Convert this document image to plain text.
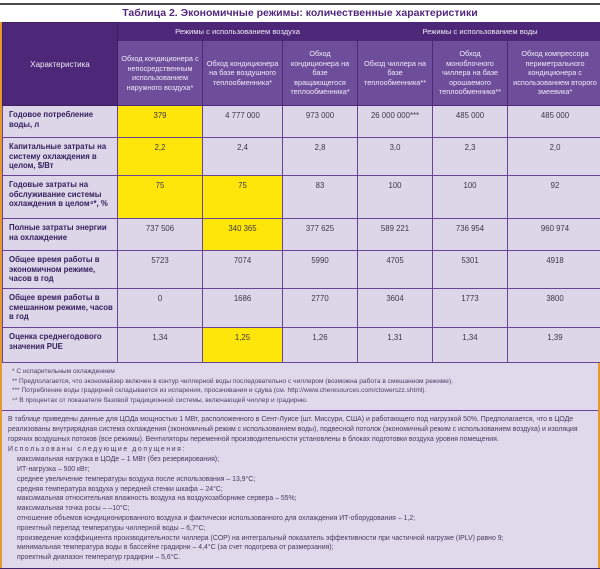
Таблица 2. Экономичные режимы: количественные характеристики
Характеристика	Режимы с использованием воздуха			Режимы с использованием воды		
	Обход кондиционера с непосредственным использованием наружного воздуха*	Обход кондиционера на базе воздушного теплообменника*	Обход кондиционера на базе вращающегося теплообменника*	Обход чиллера на базе теплообменника**	Обход моноблочного чиллера на базе орошаемого теплообменника**	Обход компрессора периметрального кондиционера с использованием второго змеевика*
Годовое потребление воды, л	379	4 777 000	973 000	26 000 000***	485 000	485 000
Капитальные затраты на систему охлаждения в целом, $/Вт	2,2	2,4	2,8	3,0	2,3	2,0
Годовые затраты на обслуживание системы охлаждения в целом⁴*, %	75	75	83	100	100	92
Полные затраты энергии на охлаждение	737 506	340 365	377 625	589 221	736 954	960 974
Общее время работы в экономичном режиме, часов в год	5723	7074	5990	4705	5301	4918
Общее время работы в смешанном режиме, часов в год	0	1686	2770	3604	1773	3800
Оценка среднегодового значения PUE	1,34	1,25	1,26	1,31	1,34	1,39
* С испарительным охлаждением
** Предполагается, что экономайзер включен в контур чиллерной воды последовательно с чиллером (возможна работа в смешанном режиме).
*** Потребление воды градирней складывается из испарения, просачивания и сдува (см. http://www.cheresources.com/ctowerszz.shtml).
⁴* В процентах от показателя базовой традиционной системы, включающей чиллер и градирню.
В таблице приведены данные для ЦОДа мощностью 1 МВт, расположенного в Сент-Луисе (шт. Миссури, США) и работающего под нагрузкой 50%. Предполагается, что в ЦОДе реализованы внутрирядная система охлаждения (экономичный режим с использованием воды), подвесной потолок (экономичный режим с использованием воздуха) и изоляция горячих воздушных потоков (все режимы). Вентиляторы переменной производительности установлены в блоках подготовки воздуха уровня помещения.
Использованы следующие допущения:
максимальная нагрузка в ЦОДе – 1 МВт (без резервирования);
ИТ-нагрузка – 500 кВт;
среднее увеличение температуры воздуха после использования – 13,9°С;
средняя температура воздуха у передней стенки шкафа – 24°С;
максимальная относительная влажность воздуха на воздухозаборнике сервера – 55%;
максимальная точка росы – –10°С;
отношение объемов кондиционированного воздуха и фактически использованного для охлаждения ИТ-оборудования – 1,2;
проектный перепад температуры чиллерной воды – 6,7°С;
произведение коэффициента производительности чиллера (COP) на интегральный показатель эффективности при частичной нагрузке (IPLV) равно 9;
минимальная температура воды в бассейне градирни – 4,4°С (за счет подогрева от размерзания);
проектный диапазон температур градирни – 5,6°С.
